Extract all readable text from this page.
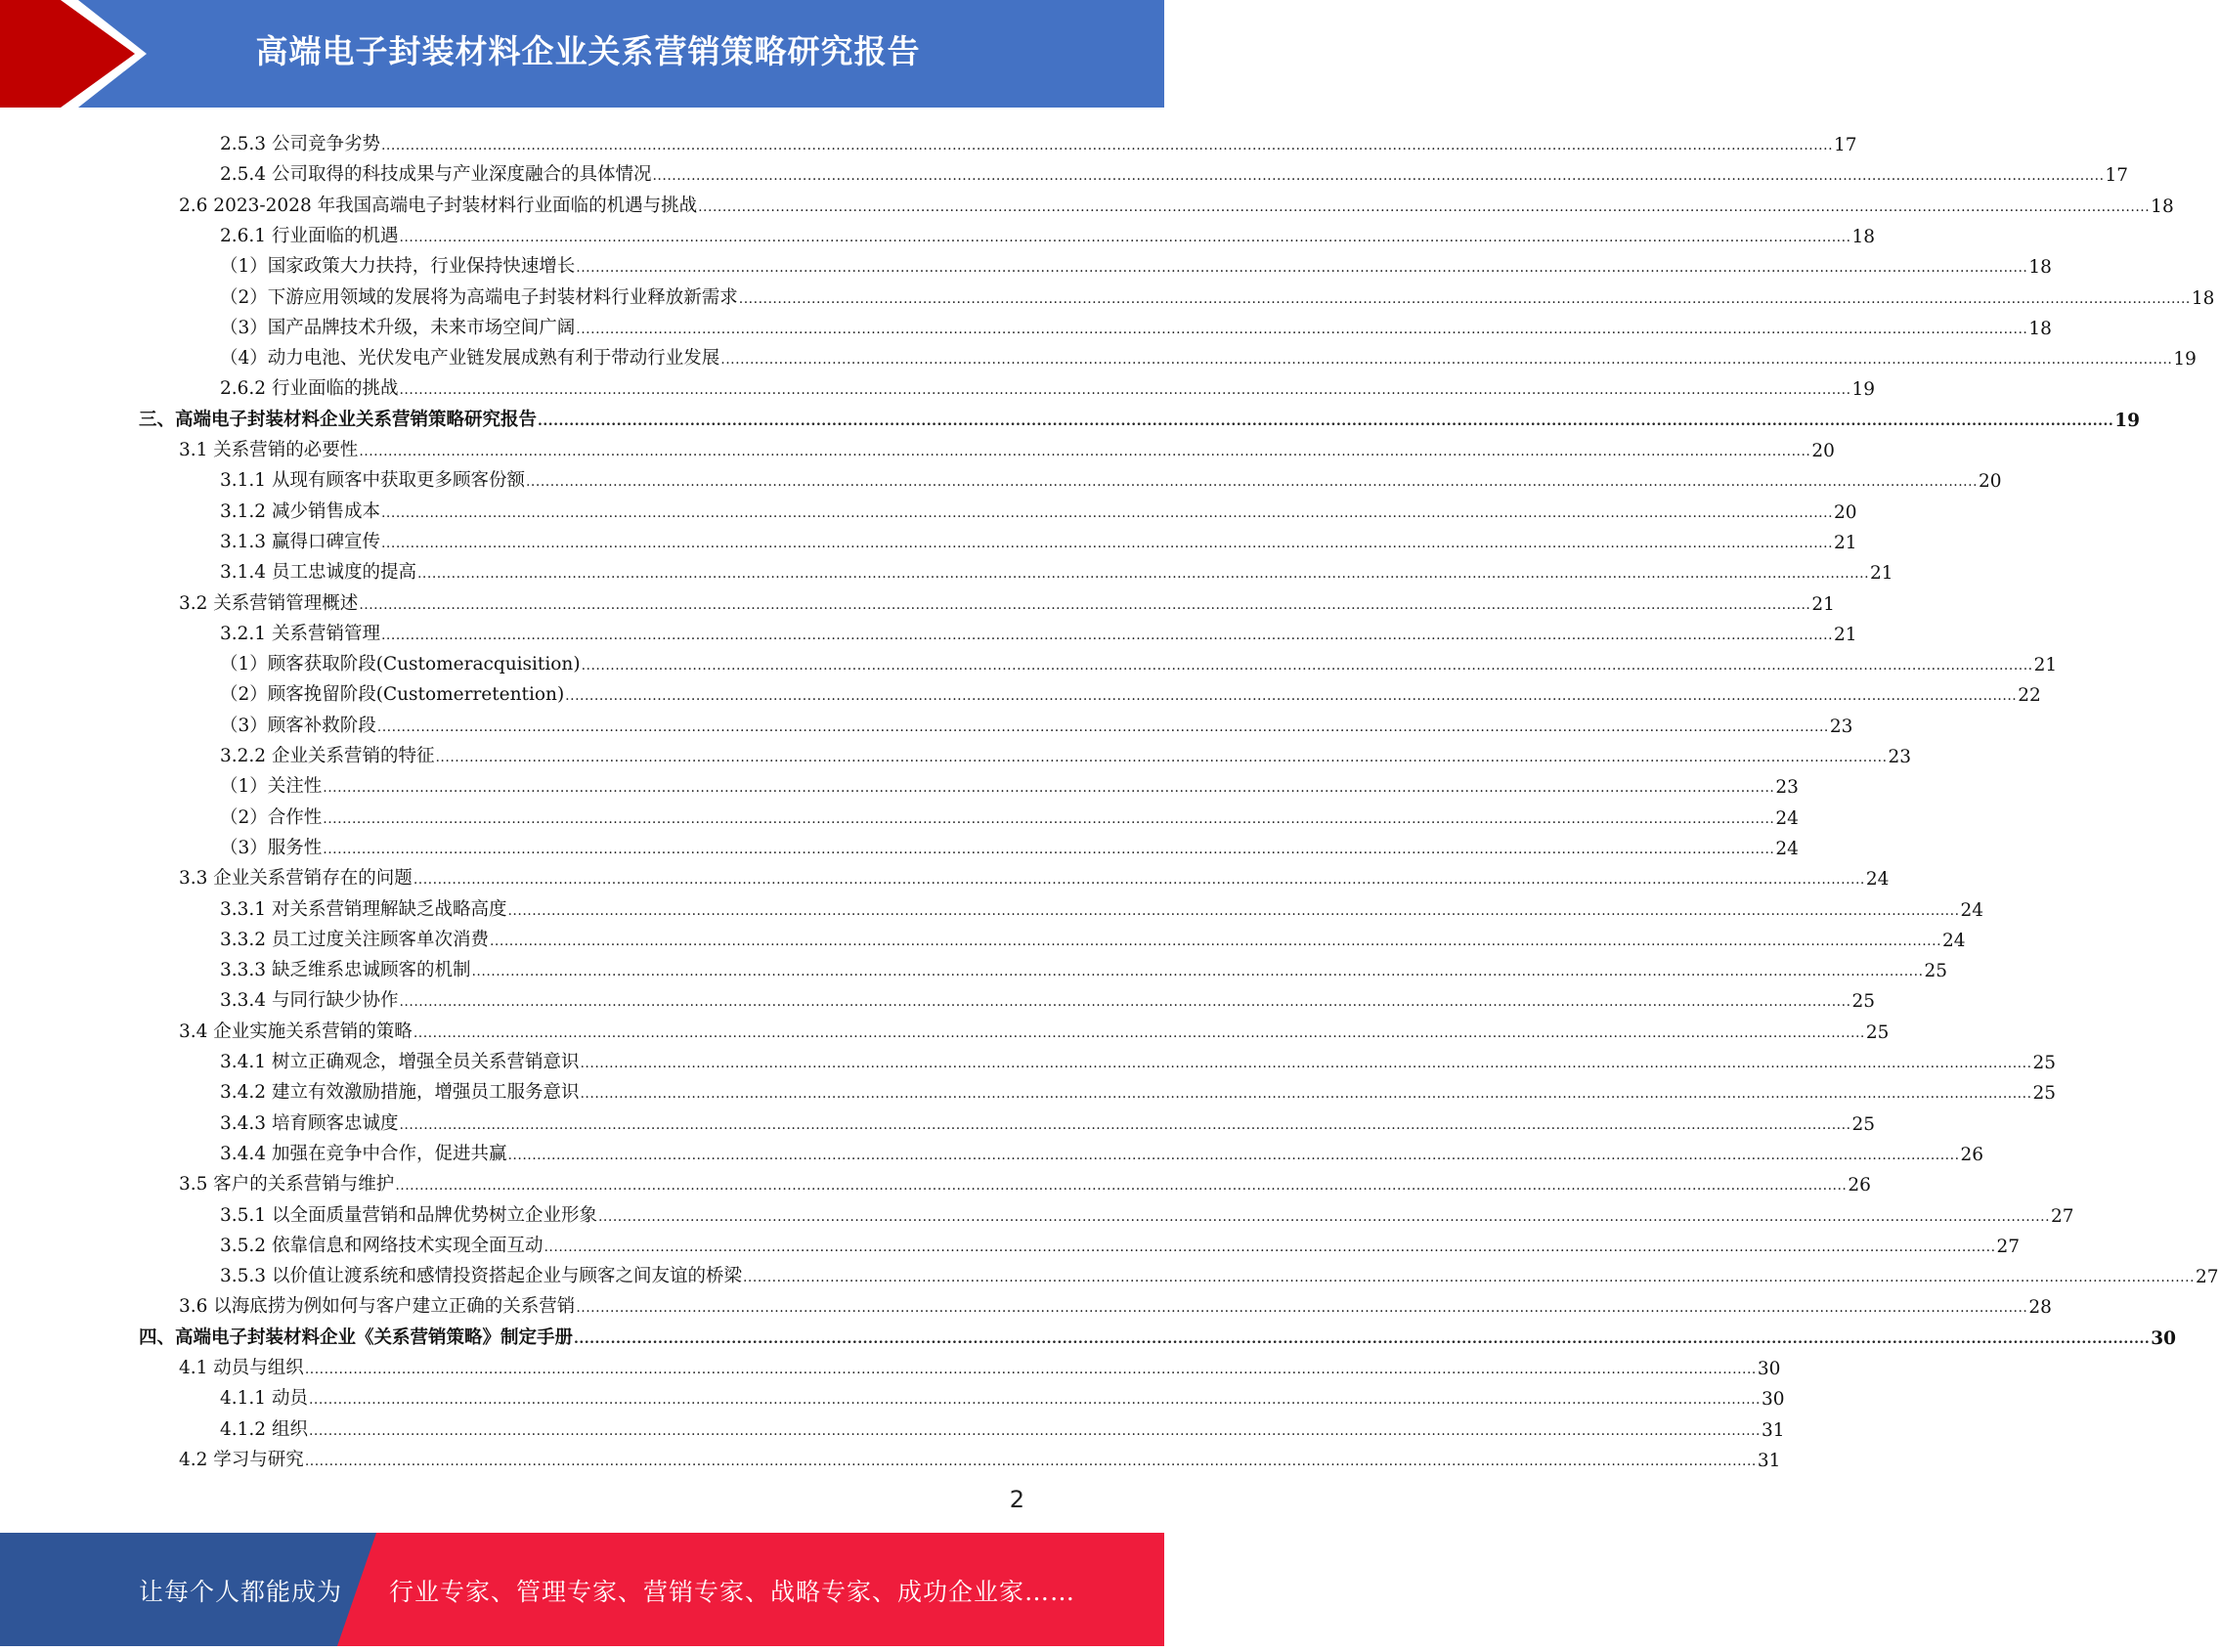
高端电子封装材料企业关系营销策略研究报告
2.5.3 公司竞争劣势 ............................................................................................................................................................................................................................................................................................................ 17
2.5.4 公司取得的科技成果与产业深度融合的具体情况 ............................................................................................................................................................................................................................................................................................................ 17
2.6 2023-2028 年我国高端电子封装材料行业面临的机遇与挑战 ............................................................................................................................................................................................................................................................................................................ 18
2.6.1 行业面临的机遇 ............................................................................................................................................................................................................................................................................................................ 18
（1）国家政策大力扶持，行业保持快速增长 ............................................................................................................................................................................................................................................................................................................ 18
（2）下游应用领域的发展将为高端电子封装材料行业释放新需求 ............................................................................................................................................................................................................................................................................................................ 18
（3）国产品牌技术升级，未来市场空间广阔 ............................................................................................................................................................................................................................................................................................................ 18
（4）动力电池、光伏发电产业链发展成熟有利于带动行业发展 ............................................................................................................................................................................................................................................................................................................ 19
2.6.2 行业面临的挑战 ............................................................................................................................................................................................................................................................................................................ 19
三、高端电子封装材料企业关系营销策略研究报告 ............................................................................................................................................................................................................................................................................................................ 19
3.1 关系营销的必要性 ............................................................................................................................................................................................................................................................................................................ 20
3.1.1 从现有顾客中获取更多顾客份额 ............................................................................................................................................................................................................................................................................................................ 20
3.1.2 减少销售成本 ............................................................................................................................................................................................................................................................................................................ 20
3.1.3 赢得口碑宣传 ............................................................................................................................................................................................................................................................................................................ 21
3.1.4 员工忠诚度的提高 ............................................................................................................................................................................................................................................................................................................ 21
3.2 关系营销管理概述 ............................................................................................................................................................................................................................................................................................................ 21
3.2.1 关系营销管理 ............................................................................................................................................................................................................................................................................................................ 21
（1）顾客获取阶段(Customeracquisition) ............................................................................................................................................................................................................................................................................................................ 21
（2）顾客挽留阶段(Customerretention) ............................................................................................................................................................................................................................................................................................................ 22
（3）顾客补救阶段 ............................................................................................................................................................................................................................................................................................................ 23
3.2.2 企业关系营销的特征 ............................................................................................................................................................................................................................................................................................................ 23
（1）关注性 ............................................................................................................................................................................................................................................................................................................ 23
（2）合作性 ............................................................................................................................................................................................................................................................................................................ 24
（3）服务性 ............................................................................................................................................................................................................................................................................................................ 24
3.3 企业关系营销存在的问题 ............................................................................................................................................................................................................................................................................................................ 24
3.3.1 对关系营销理解缺乏战略高度 ............................................................................................................................................................................................................................................................................................................ 24
3.3.2 员工过度关注顾客单次消费 ............................................................................................................................................................................................................................................................................................................ 24
3.3.3 缺乏维系忠诚顾客的机制 ............................................................................................................................................................................................................................................................................................................ 25
3.3.4 与同行缺少协作 ............................................................................................................................................................................................................................................................................................................ 25
3.4 企业实施关系营销的策略 ............................................................................................................................................................................................................................................................................................................ 25
3.4.1 树立正确观念，增强全员关系营销意识 ............................................................................................................................................................................................................................................................................................................ 25
3.4.2 建立有效激励措施，增强员工服务意识 ............................................................................................................................................................................................................................................................................................................ 25
3.4.3 培育顾客忠诚度 ............................................................................................................................................................................................................................................................................................................ 25
3.4.4 加强在竞争中合作，促进共赢 ............................................................................................................................................................................................................................................................................................................ 26
3.5 客户的关系营销与维护 ............................................................................................................................................................................................................................................................................................................ 26
3.5.1 以全面质量营销和品牌优势树立企业形象 ............................................................................................................................................................................................................................................................................................................ 27
3.5.2 依靠信息和网络技术实现全面互动 ............................................................................................................................................................................................................................................................................................................ 27
3.5.3 以价值让渡系统和感情投资搭起企业与顾客之间友谊的桥梁 ............................................................................................................................................................................................................................................................................................................ 27
3.6 以海底捞为例如何与客户建立正确的关系营销 ............................................................................................................................................................................................................................................................................................................ 28
四、高端电子封装材料企业《关系营销策略》制定手册 ............................................................................................................................................................................................................................................................................................................ 30
4.1 动员与组织 ............................................................................................................................................................................................................................................................................................................ 30
4.1.1 动员 ............................................................................................................................................................................................................................................................................................................ 30
4.1.2 组织 ............................................................................................................................................................................................................................................................................................................ 31
4.2 学习与研究 ............................................................................................................................................................................................................................................................................................................ 31
2
让每个人都能成为 行业专家、管理专家、营销专家、战略专家、成功企业家……
